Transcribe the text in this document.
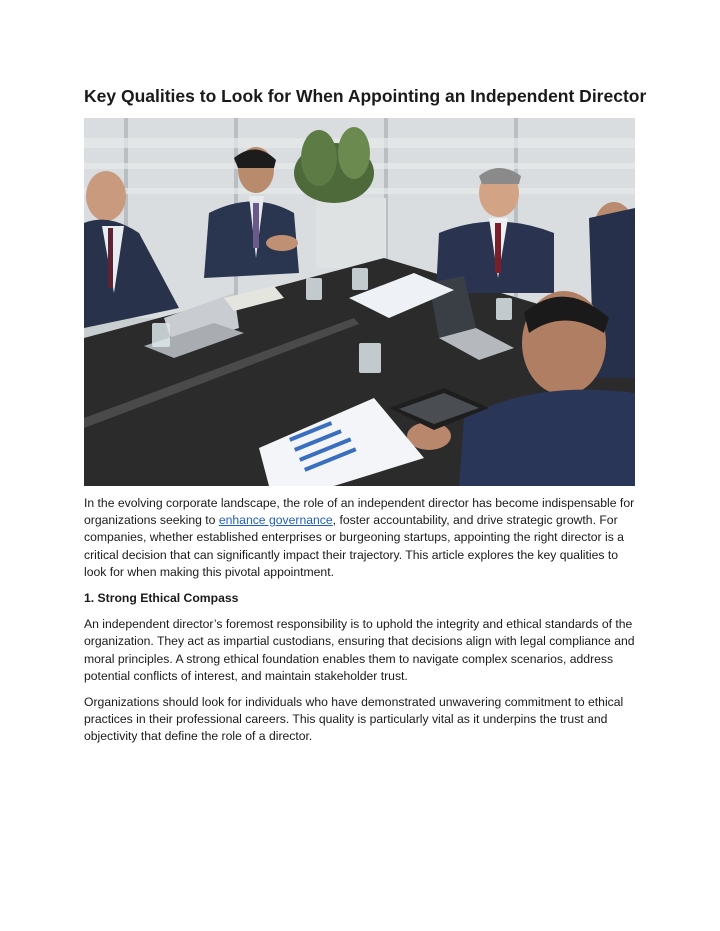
Key Qualities to Look for When Appointing an Independent Director

In the evolving corporate landscape, the role of an independent director has become indispensable for organizations seeking to enhance governance, foster accountability, and drive strategic growth. For companies, whether established enterprises or burgeoning startups, appointing the right director is a critical decision that can significantly impact their trajectory. This article explores the key qualities to look for when making this pivotal appointment.

1. Strong Ethical Compass

An independent director’s foremost responsibility is to uphold the integrity and ethical standards of the organization. They act as impartial custodians, ensuring that decisions align with legal compliance and moral principles. A strong ethical foundation enables them to navigate complex scenarios, address potential conflicts of interest, and maintain stakeholder trust.

Organizations should look for individuals who have demonstrated unwavering commitment to ethical practices in their professional careers. This quality is particularly vital as it underpins the trust and objectivity that define the role of a director.
